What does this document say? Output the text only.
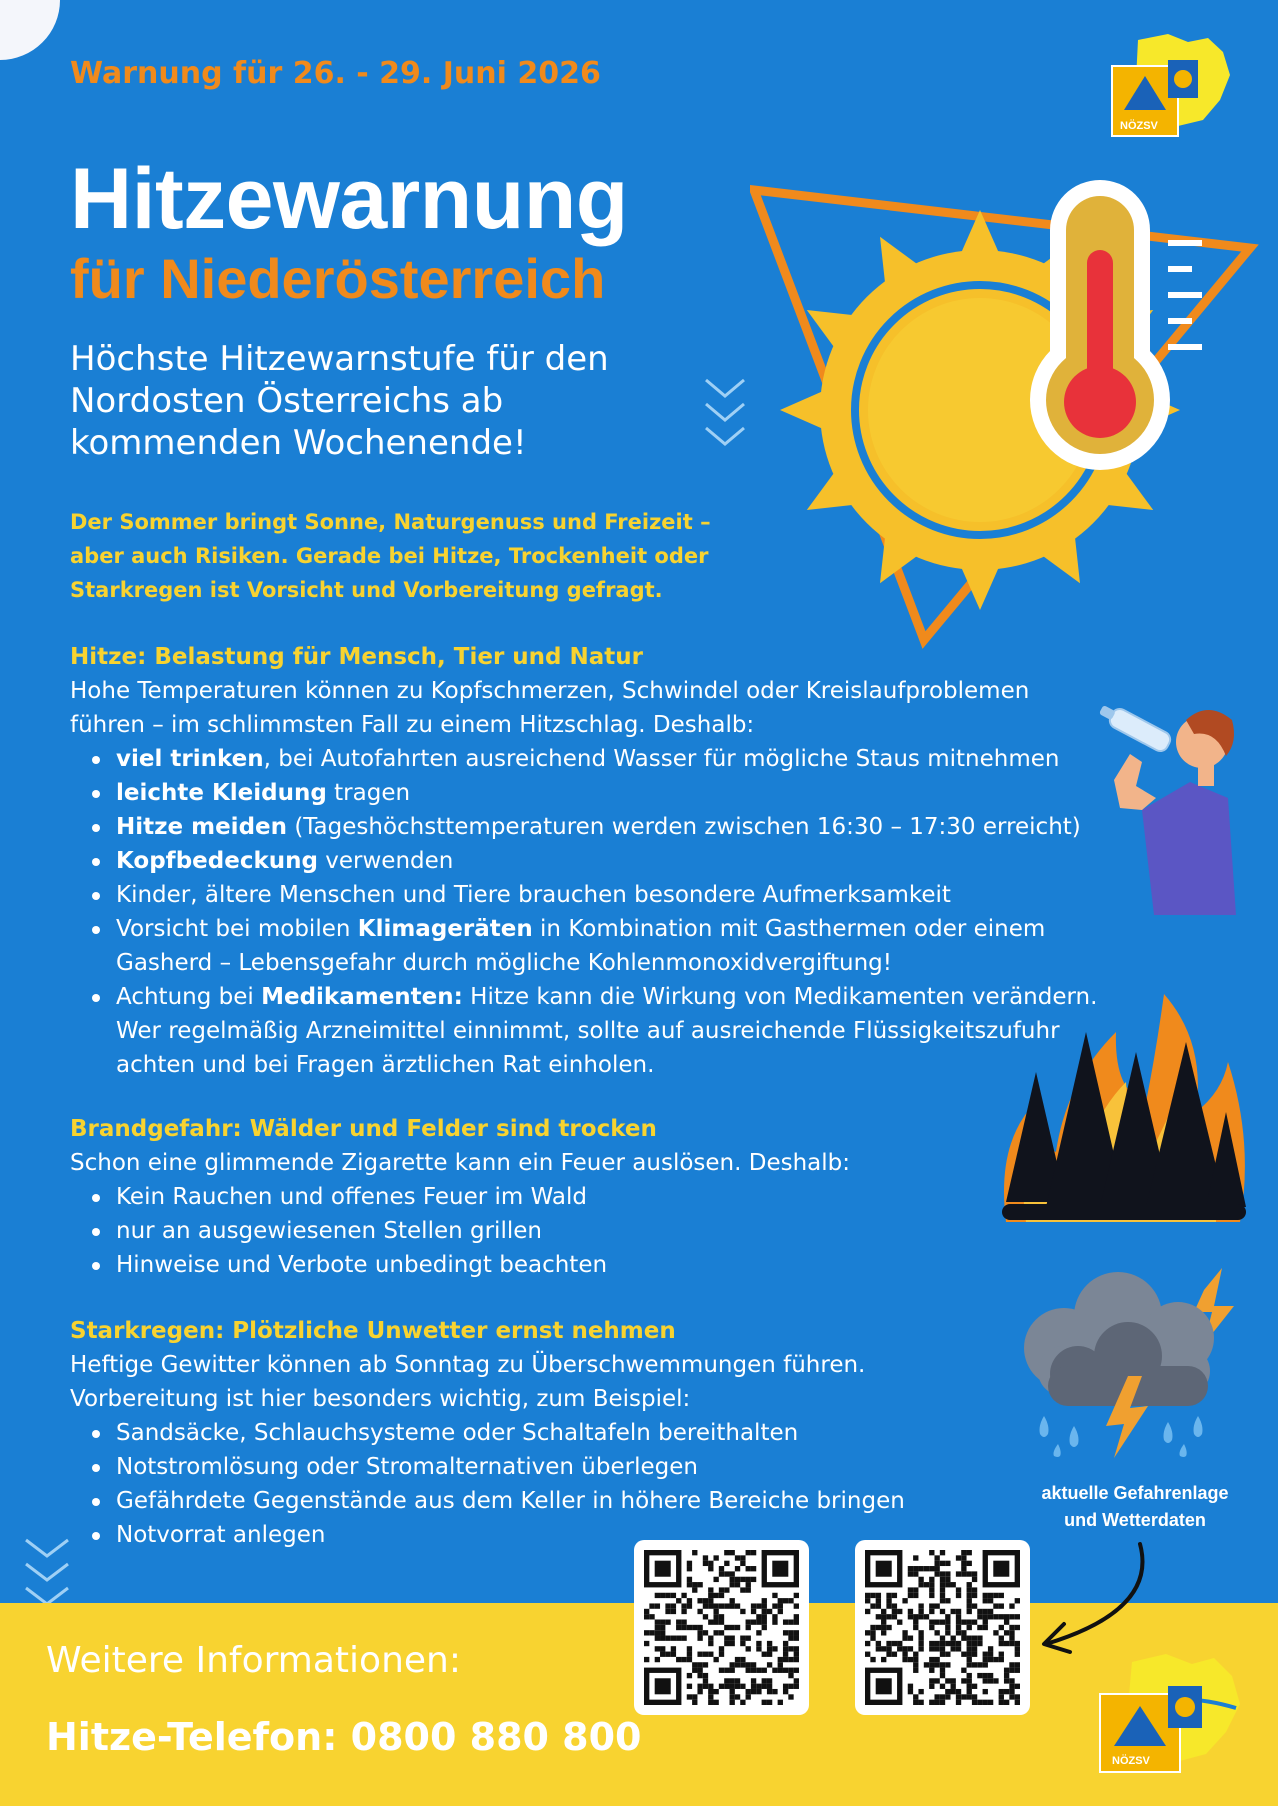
NÖZSV
Warnung für 26. - 29. Juni 2026
Hitzewarnung
für Niederösterreich
Höchste Hitzewarnstufe für den
Nordosten Österreichs ab
kommenden Wochenende!
Der Sommer bringt Sonne, Naturgenuss und Freizeit –
aber auch Risiken. Gerade bei Hitze, Trockenheit oder
Starkregen ist Vorsicht und Vorbereitung gefragt.
Hitze: Belastung für Mensch, Tier und Natur
Hohe Temperaturen können zu Kopfschmerzen, Schwindel oder Kreislaufproblemen
führen – im schlimmsten Fall zu einem Hitzschlag. Deshalb:
viel trinken, bei Autofahrten ausreichend Wasser für mögliche Staus mitnehmen
leichte Kleidung tragen
Hitze meiden (Tageshöchsttemperaturen werden zwischen 16:30 – 17:30 erreicht)
Kopfbedeckung verwenden
Kinder, ältere Menschen und Tiere brauchen besondere Aufmerksamkeit
Vorsicht bei mobilen Klimageräten in Kombination mit Gasthermen oder einem
Gasherd – Lebensgefahr durch mögliche Kohlenmonoxidvergiftung!
Achtung bei Medikamenten: Hitze kann die Wirkung von Medikamenten verändern.
Wer regelmäßig Arzneimittel einnimmt, sollte auf ausreichende Flüssigkeitszufuhr
achten und bei Fragen ärztlichen Rat einholen.
Brandgefahr: Wälder und Felder sind trocken
Schon eine glimmende Zigarette kann ein Feuer auslösen. Deshalb:
Kein Rauchen und offenes Feuer im Wald
nur an ausgewiesenen Stellen grillen
Hinweise und Verbote unbedingt beachten
Starkregen: Plötzliche Unwetter ernst nehmen
Heftige Gewitter können ab Sonntag zu Überschwemmungen führen.
Vorbereitung ist hier besonders wichtig, zum Beispiel:
Sandsäcke, Schlauchsysteme oder Schaltafeln bereithalten
Notstromlösung oder Stromalternativen überlegen
Gefährdete Gegenstände aus dem Keller in höhere Bereiche bringen
Notvorrat anlegen
aktuelle Gefahrenlage
und Wetterdaten
Weitere Informationen:
Hitze-Telefon: 0800 880 800
NÖZSV
